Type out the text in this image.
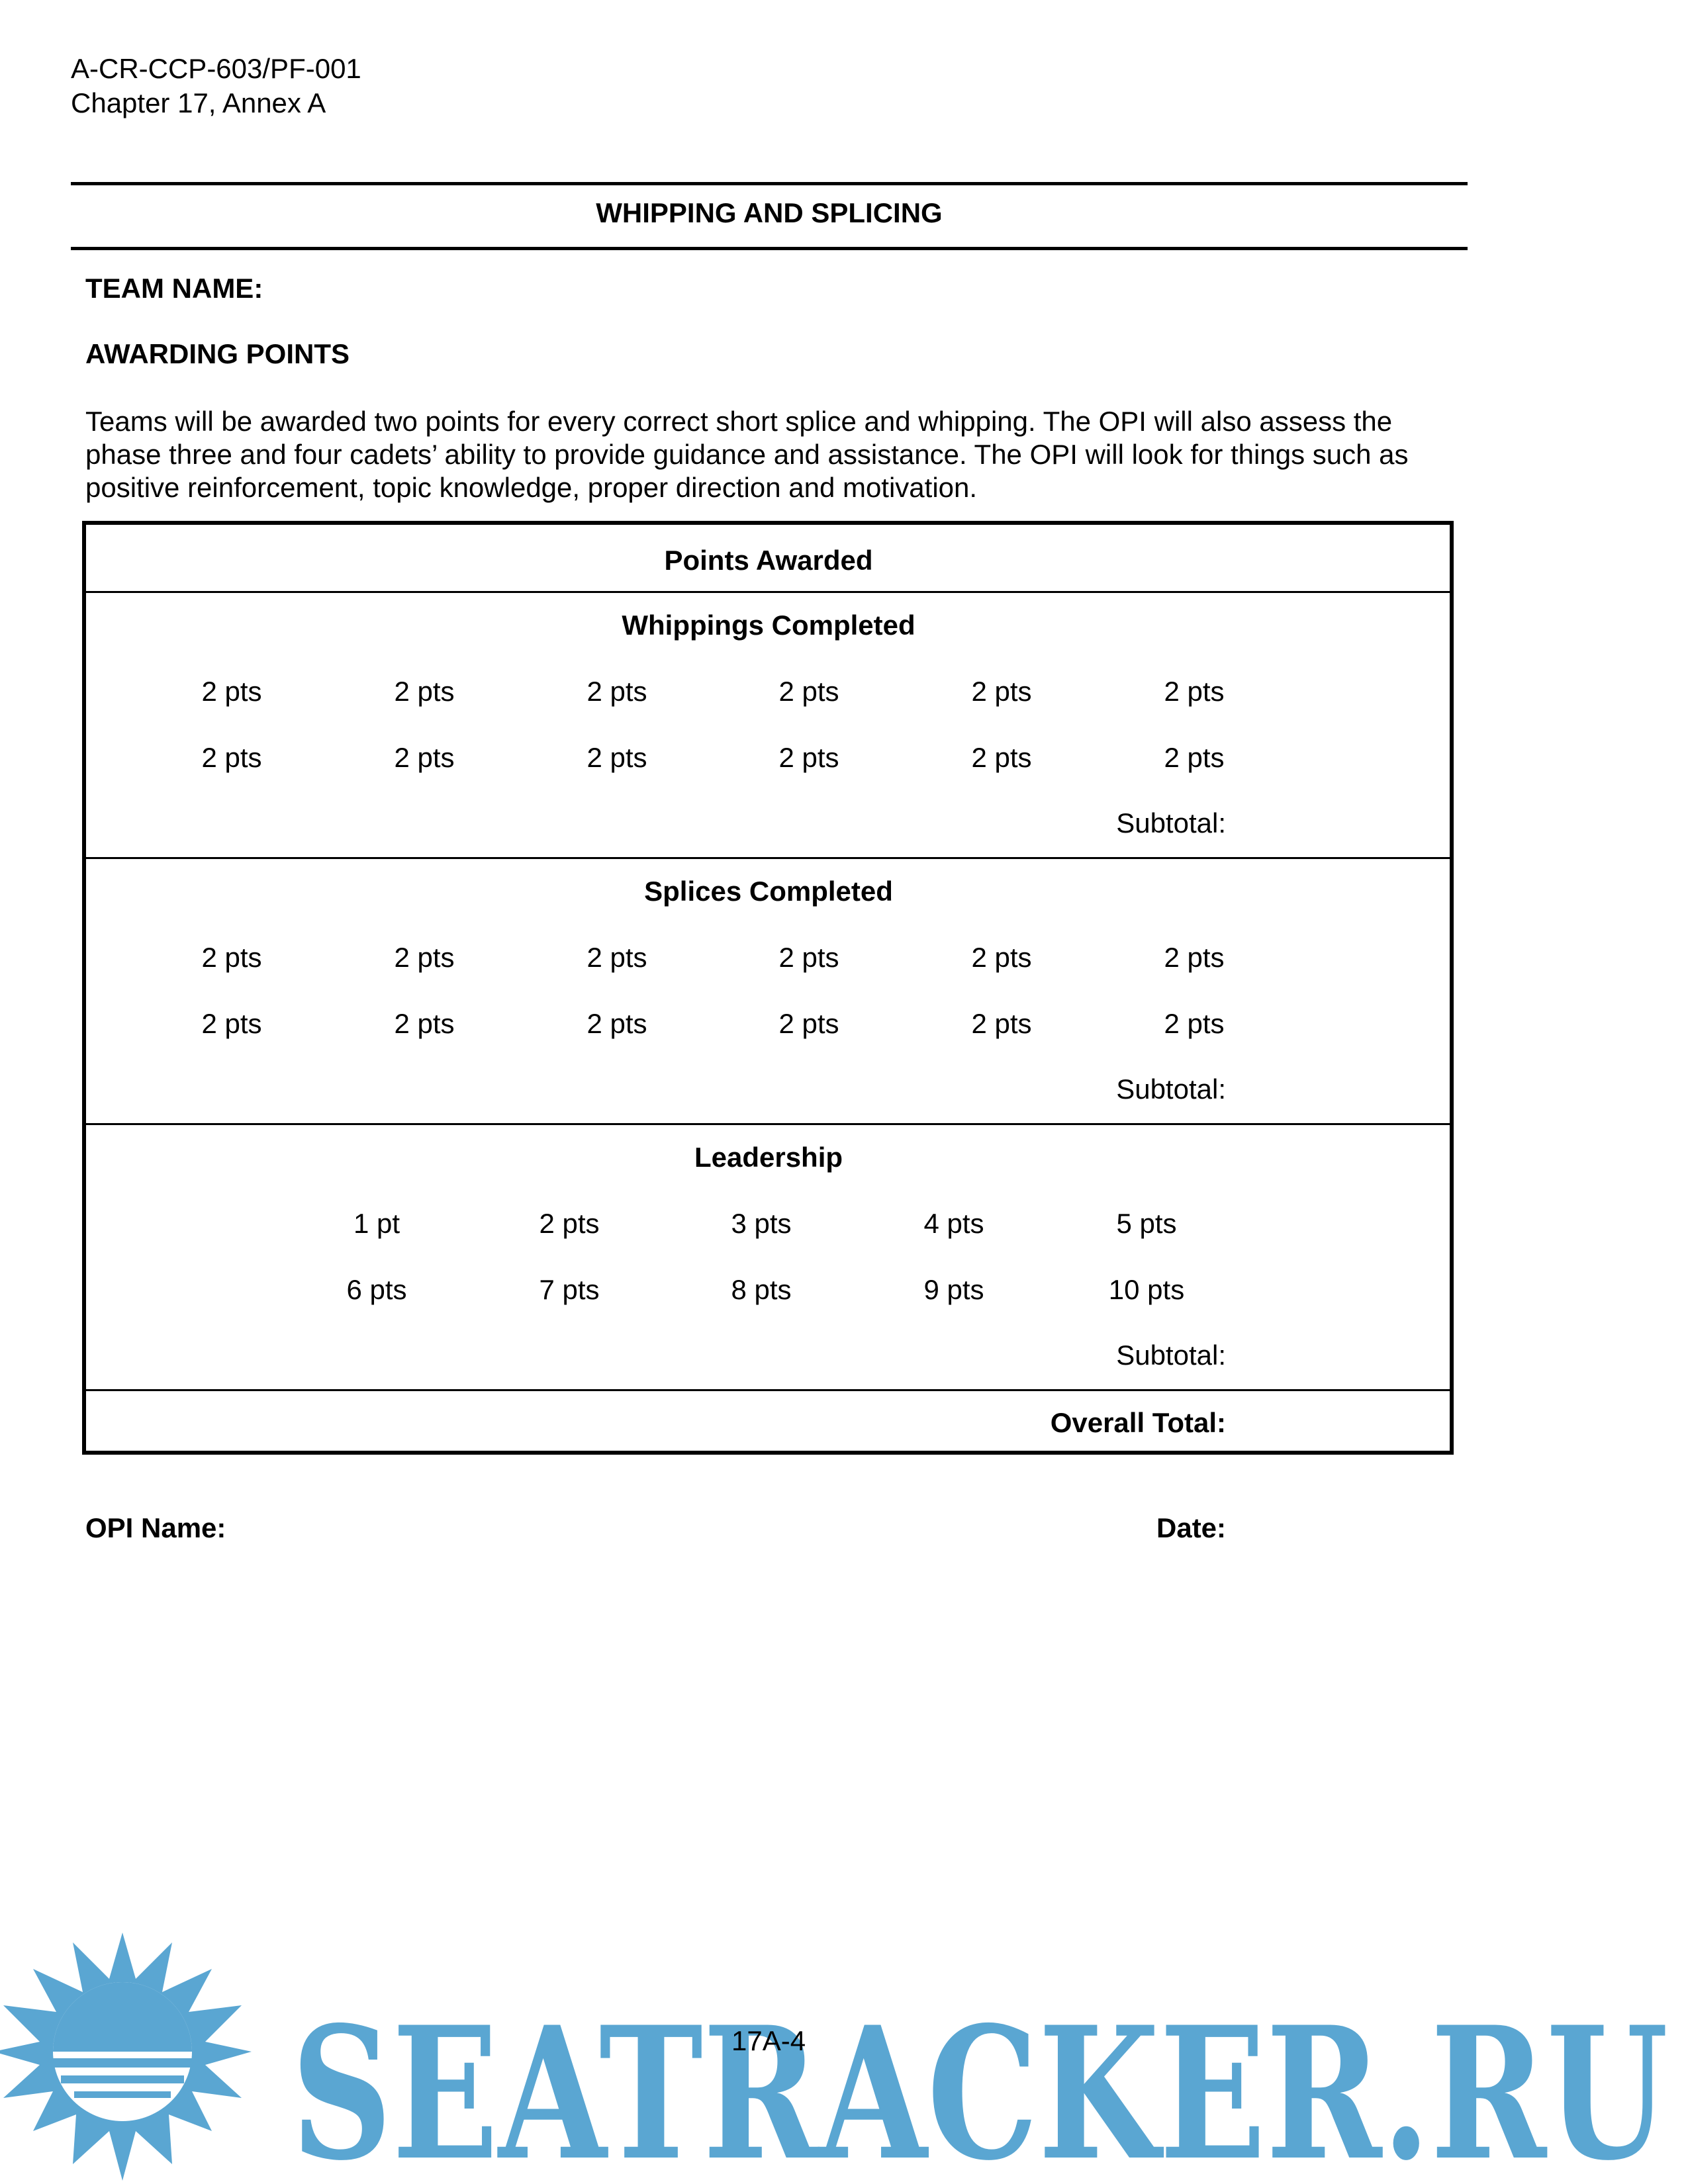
A-CR-CCP-603/PF-001
Chapter 17, Annex A
WHIPPING AND SPLICING
TEAM NAME:
AWARDING POINTS
Teams will be awarded two points for every correct short splice and whipping. The OPI will also assess the phase three and four cadets’ ability to provide guidance and assistance. The OPI will look for things such as positive reinforcement, topic knowledge, proper direction and motivation.
Points Awarded
Whippings Completed
2 pts	2 pts	2 pts	2 pts	2 pts	2 pts
2 pts	2 pts	2 pts	2 pts	2 pts	2 pts
Subtotal:
Splices Completed
2 pts	2 pts	2 pts	2 pts	2 pts	2 pts
2 pts	2 pts	2 pts	2 pts	2 pts	2 pts
Subtotal:
Leadership
1 pt	2 pts	3 pts	4 pts	5 pts
6 pts	7 pts	8 pts	9 pts	10 pts
Subtotal:
Overall Total:
OPI Name:	Date:
SEATRACKER.RU
17A-4
